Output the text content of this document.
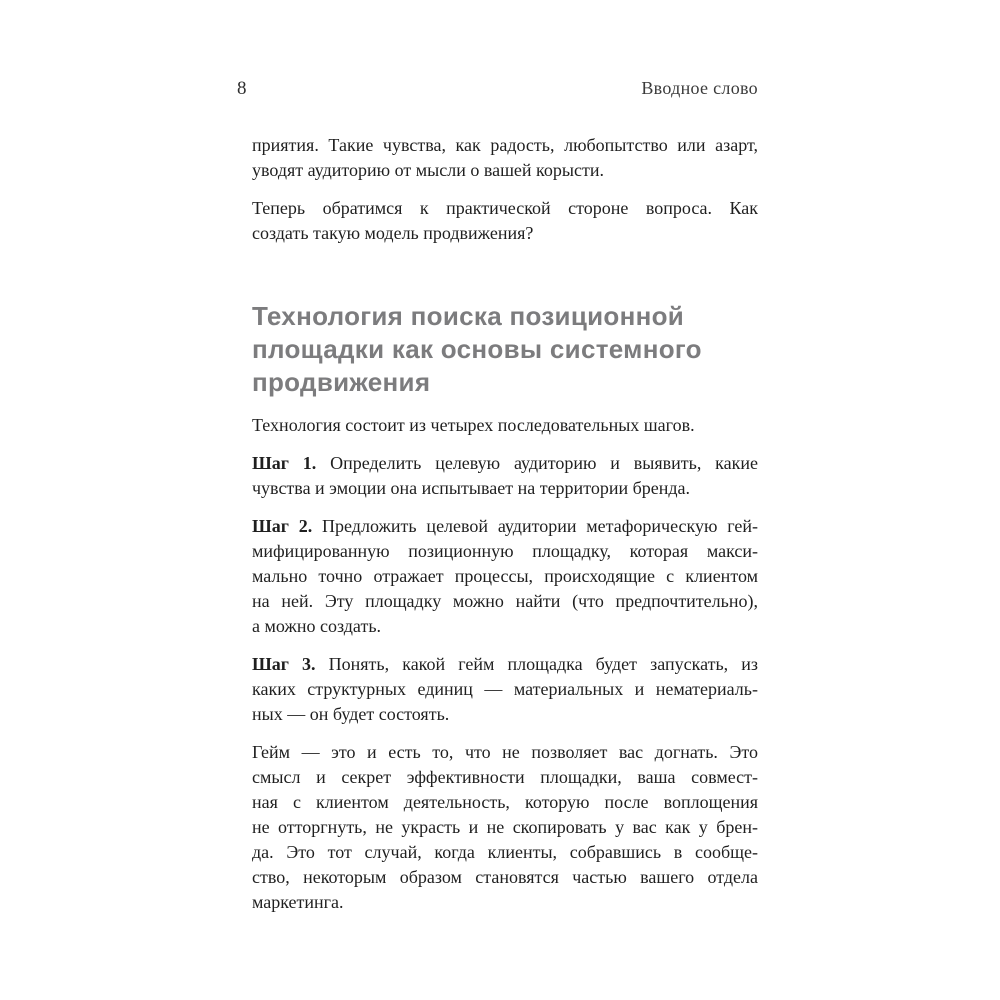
8	Вводное слово

приятия. Такие чувства, как радость, любопытство или азарт,
уводят аудиторию от мысли о вашей корысти.

Теперь обратимся к практической стороне вопроса. Как
создать такую модель продвижения?

Технология поиска позиционной
площадки как основы системного
продвижения

Технология состоит из четырех последовательных шагов.

Шаг 1. Определить целевую аудиторию и выявить, какие
чувства и эмоции она испытывает на территории бренда.

Шаг 2. Предложить целевой аудитории метафорическую гей-
мифицированную позиционную площадку, которая макси-
мально точно отражает процессы, происходящие с клиентом
на ней. Эту площадку можно найти (что предпочтительно),
а можно создать.

Шаг 3. Понять, какой гейм площадка будет запускать, из
каких структурных единиц — материальных и нематериаль-
ных — он будет состоять.

Гейм — это и есть то, что не позволяет вас догнать. Это
смысл и секрет эффективности площадки, ваша совмест-
ная с клиентом деятельность, которую после воплощения
не отторгнуть, не украсть и не скопировать у вас как у брен-
да. Это тот случай, когда клиенты, собравшись в сообще-
ство, некоторым образом становятся частью вашего отдела
маркетинга.
